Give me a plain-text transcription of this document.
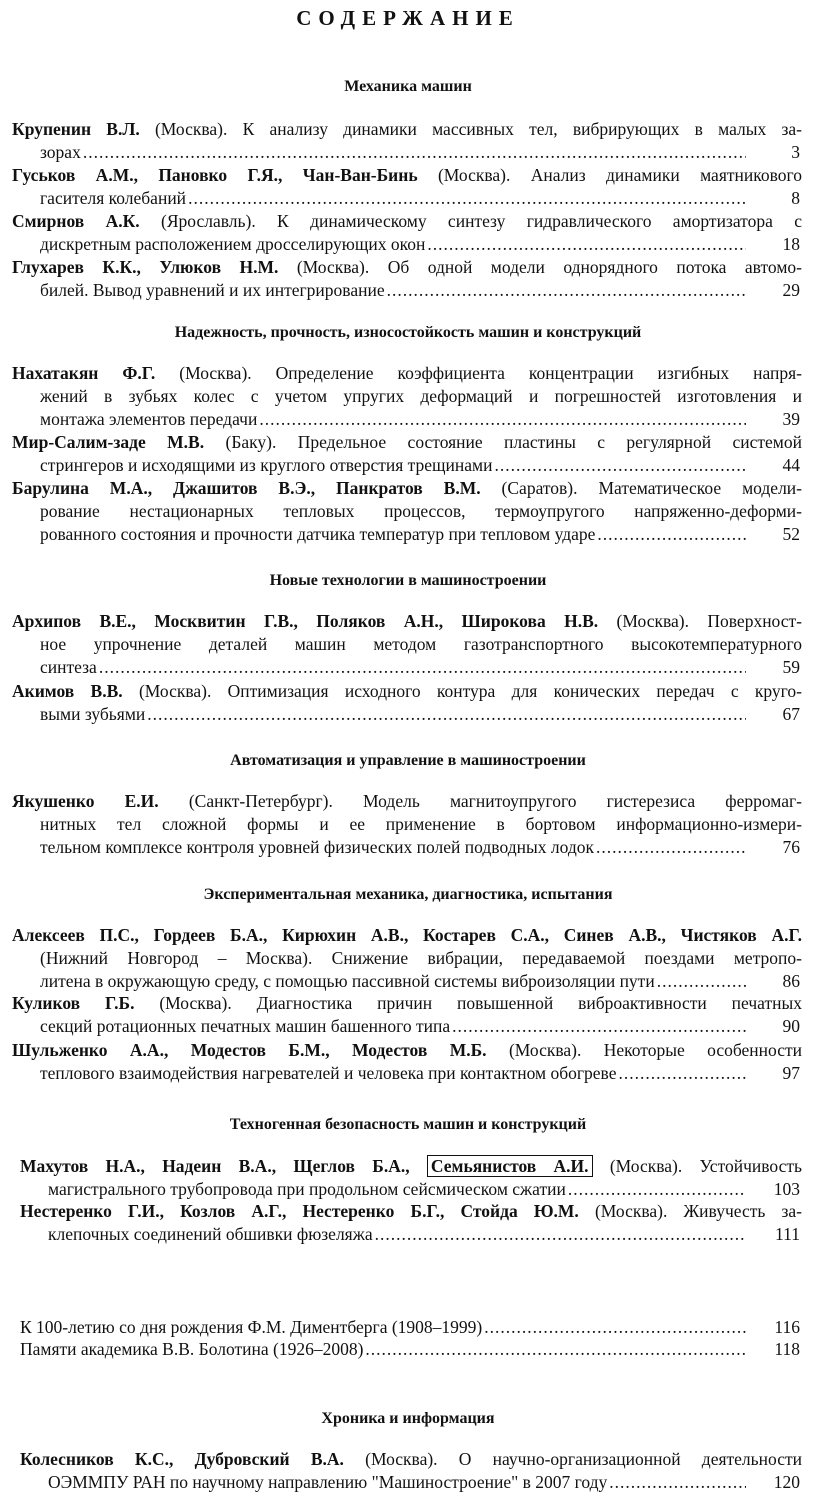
СОДЕРЖАНИЕ
Механика машин
Крупенин В.Л. (Москва). К анализу динамики массивных тел, вибрирующих в малых за-
зорах .....	3
Гуськов А.М., Пановко Г.Я., Чан-Ван-Бинь (Москва). Анализ динамики маятникового
гасителя колебаний .....	8
Смирнов А.К. (Ярославль). К динамическому синтезу гидравлического амортизатора с
дискретным расположением дросселирующих окон .....	18
Глухарев К.К., Улюков Н.М. (Москва). Об одной модели однорядного потока автомо-
билей. Вывод уравнений и их интегрирование .....	29
Надежность, прочность, износостойкость машин и конструкций
Нахатакян Ф.Г. (Москва). Определение коэффициента концентрации изгибных напря-
жений в зубьях колес с учетом упругих деформаций и погрешностей изготовления и
монтажа элементов передачи .....	39
Мир-Салим-заде М.В. (Баку). Предельное состояние пластины с регулярной системой
стрингеров и исходящими из круглого отверстия трещинами .....	44
Барулина М.А., Джашитов В.Э., Панкратов В.М. (Саратов). Математическое модели-
рование нестационарных тепловых процессов, термоупругого напряженно-деформи-
рованного состояния и прочности датчика температур при тепловом ударе .....	52
Новые технологии в машиностроении
Архипов В.Е., Москвитин Г.В., Поляков А.Н., Широкова Н.В. (Москва). Поверхност-
ное упрочнение деталей машин методом газотранспортного высокотемпературного
синтеза .....	59
Акимов В.В. (Москва). Оптимизация исходного контура для конических передач с круго-
выми зубьями .....	67
Автоматизация и управление в машиностроении
Якушенко Е.И. (Санкт-Петербург). Модель магнитоупругого гистерезиса ферромаг-
нитных тел сложной формы и ее применение в бортовом информационно-измери-
тельном комплексе контроля уровней физических полей подводных лодок .....	76
Экспериментальная механика, диагностика, испытания
Алексеев П.С., Гордеев Б.А., Кирюхин А.В., Костарев С.А., Синев А.В., Чистяков А.Г.
(Нижний Новгород – Москва). Снижение вибрации, передаваемой поездами метропо-
литена в окружающую среду, с помощью пассивной системы виброизоляции пути .....	86
Куликов Г.Б. (Москва). Диагностика причин повышенной виброактивности печатных
секций ротационных печатных машин башенного типа .....	90
Шульженко А.А., Модестов Б.М., Модестов М.Б. (Москва). Некоторые особенности
теплового взаимодействия нагревателей и человека при контактном обогреве .....	97
Техногенная безопасность машин и конструкций
Махутов Н.А., Надеин В.А., Щеглов Б.А., Семьянистов А.И. (Москва). Устойчивость
магистрального трубопровода при продольном сейсмическом сжатии .....	103
Нестеренко Г.И., Козлов А.Г., Нестеренко Б.Г., Стойда Ю.М. (Москва). Живучесть за-
клепочных соединений обшивки фюзеляжа .....	111
К 100-летию со дня рождения Ф.М. Диментберга (1908–1999) .....	116
Памяти академика В.В. Болотина (1926–2008) .....	118
Хроника и информация
Колесников К.С., Дубровский В.А. (Москва). О научно-организационной деятельности
ОЭММПУ РАН по научному направлению "Машиностроение" в 2007 году .....	120
